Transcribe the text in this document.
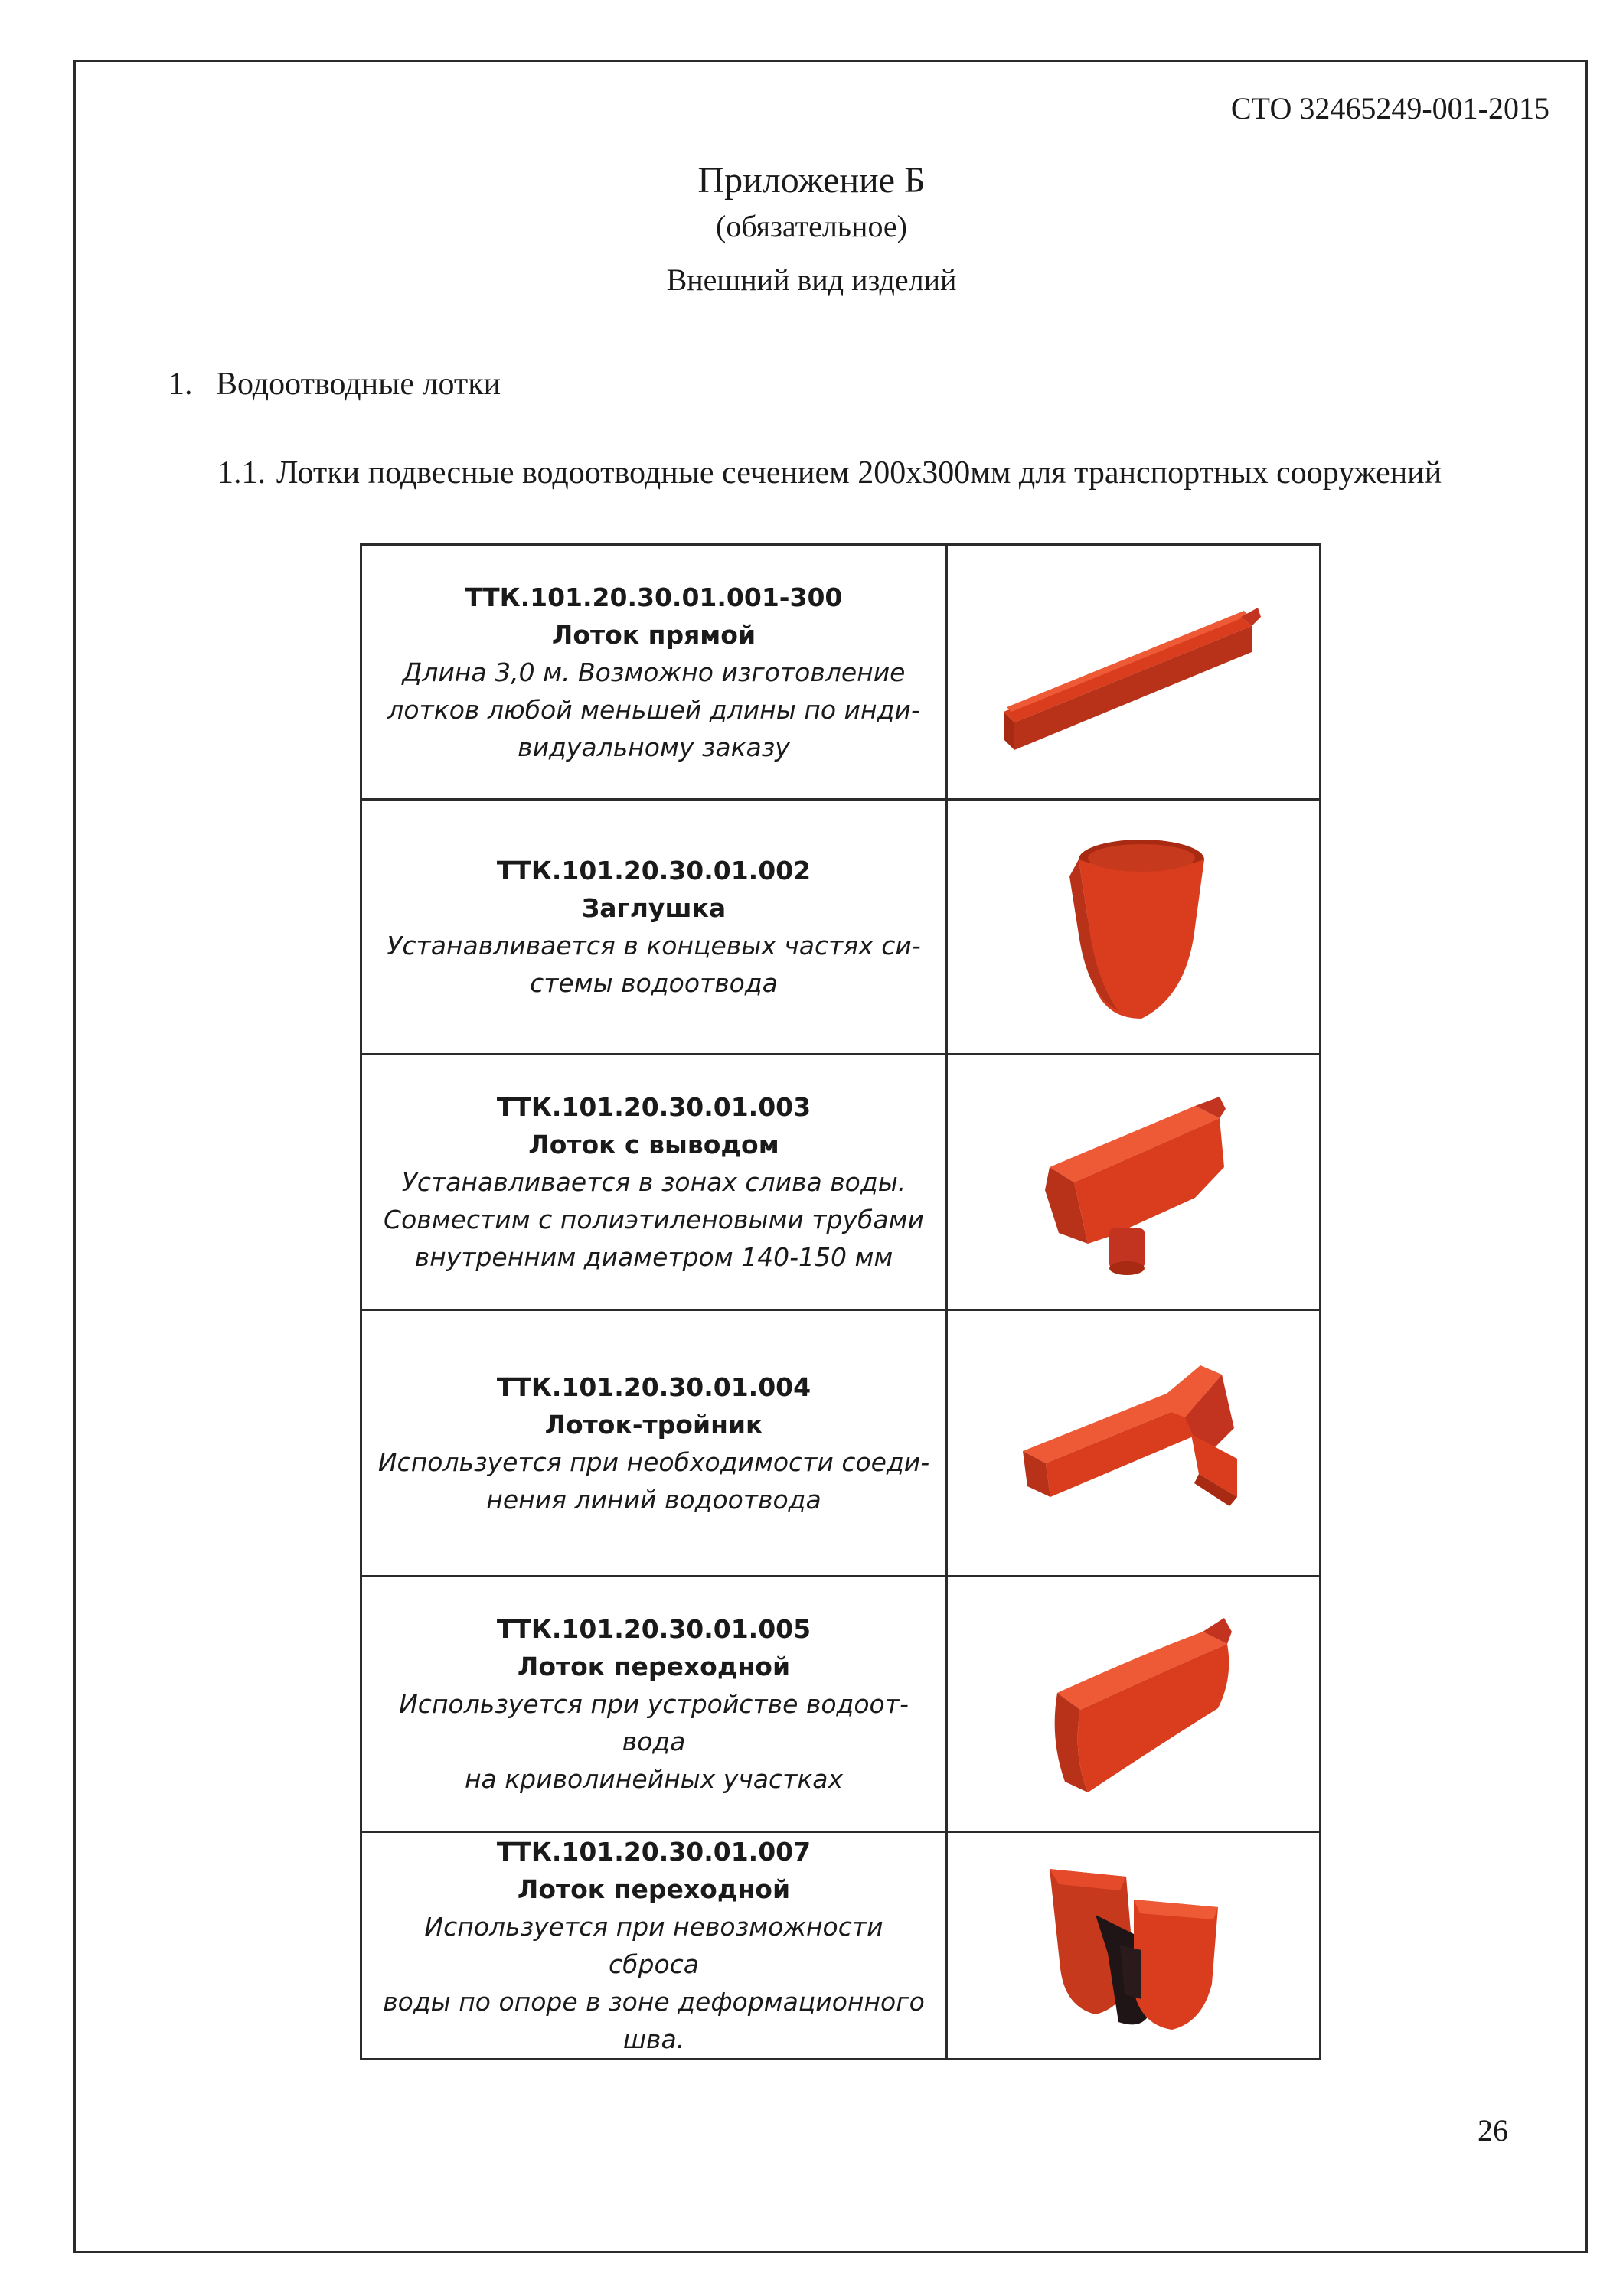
СТО 32465249-001-2015
Приложение Б
(обязательное)
Внешний вид изделий
1. Водоотводные лотки
1.1. Лотки подвесные водоотводные сечением 200х300мм для транспортных сооружений
ТТК.101.20.30.01.001-300
Лоток прямой
Длина 3,0 м. Возможно изготовление
лотков любой меньшей длины по инди-
видуальному заказу

ТТК.101.20.30.01.002
Заглушка
Устанавливается в концевых частях си-
стемы водоотвода

ТТК.101.20.30.01.003
Лоток с выводом
Устанавливается в зонах слива воды.
Совместим с полиэтиленовыми трубами
внутренним диаметром 140-150 мм

ТТК.101.20.30.01.004
Лоток-тройник
Используется при необходимости соеди-
нения линий водоотвода

ТТК.101.20.30.01.005
Лоток переходной
Используется при устройстве водоот-
вода
на криволинейных участках

ТТК.101.20.30.01.007
Лоток переходной
Используется при невозможности сброса
воды по опоре в зоне деформационного
шва.

26
